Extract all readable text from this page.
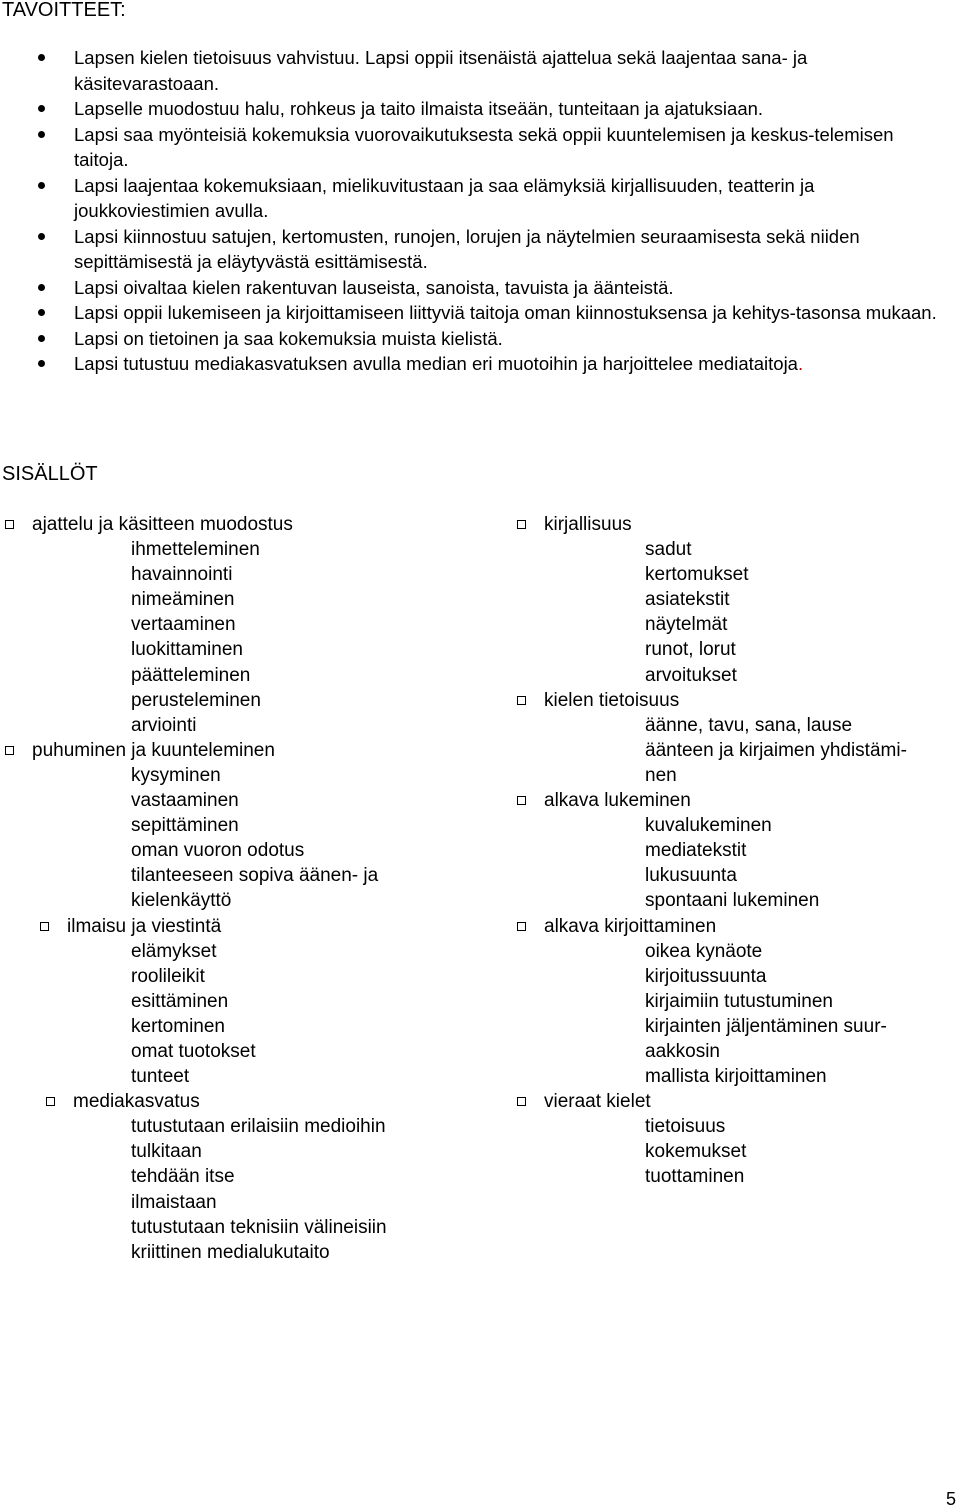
TAVOITTEET:
Lapsen kielen tietoisuus vahvistuu. Lapsi oppii itsenäistä ajattelua sekä laajentaa sana- ja käsitevarastoaan.
Lapselle muodostuu halu, rohkeus ja taito ilmaista itseään, tunteitaan ja ajatuksiaan.
Lapsi saa myönteisiä kokemuksia vuorovaikutuksesta sekä oppii kuuntelemisen ja keskus-telemisen taitoja.
Lapsi laajentaa kokemuksiaan, mielikuvitustaan ja saa elämyksiä kirjallisuuden, teatterin ja joukkoviestimien avulla.
Lapsi kiinnostuu satujen, kertomusten, runojen, lorujen ja näytelmien seuraamisesta sekä niiden sepittämisestä ja eläytyvästä esittämisestä.
Lapsi oivaltaa kielen rakentuvan lauseista, sanoista, tavuista ja äänteistä.
Lapsi oppii lukemiseen ja kirjoittamiseen liittyviä taitoja oman kiinnostuksensa ja kehitys-tasonsa mukaan.
Lapsi on tietoinen ja saa kokemuksia muista kielistä.
Lapsi tutustuu mediakasvatuksen avulla median eri muotoihin ja harjoittelee mediataitoja.
SISÄLLÖT
ajattelu ja käsitteen muodostus
ihmetteleminen
havainnointi
nimeäminen
vertaaminen
luokittaminen
päätteleminen
perusteleminen
arviointi
puhuminen ja kuunteleminen
kysyminen
vastaaminen
sepittäminen
oman vuoron odotus
tilanteeseen sopiva äänen- ja
kielenkäyttö
ilmaisu ja viestintä
elämykset
roolileikit
esittäminen
kertominen
omat tuotokset
tunteet
mediakasvatus
tutustutaan erilaisiin medioihin
tulkitaan
tehdään itse
ilmaistaan
tutustutaan teknisiin välineisiin
kriittinen medialukutaito
kirjallisuus
sadut
kertomukset
asiatekstit
näytelmät
runot, lorut
arvoitukset
kielen tietoisuus
äänne, tavu, sana, lause
äänteen ja kirjaimen yhdistämi-
nen
alkava lukeminen
kuvalukeminen
mediatekstit
lukusuunta
spontaani lukeminen
alkava kirjoittaminen
oikea kynäote
kirjoitussuunta
kirjaimiin tutustuminen
kirjainten jäljentäminen suur-
aakkosin
mallista kirjoittaminen
vieraat kielet
tietoisuus
kokemukset
tuottaminen
5
